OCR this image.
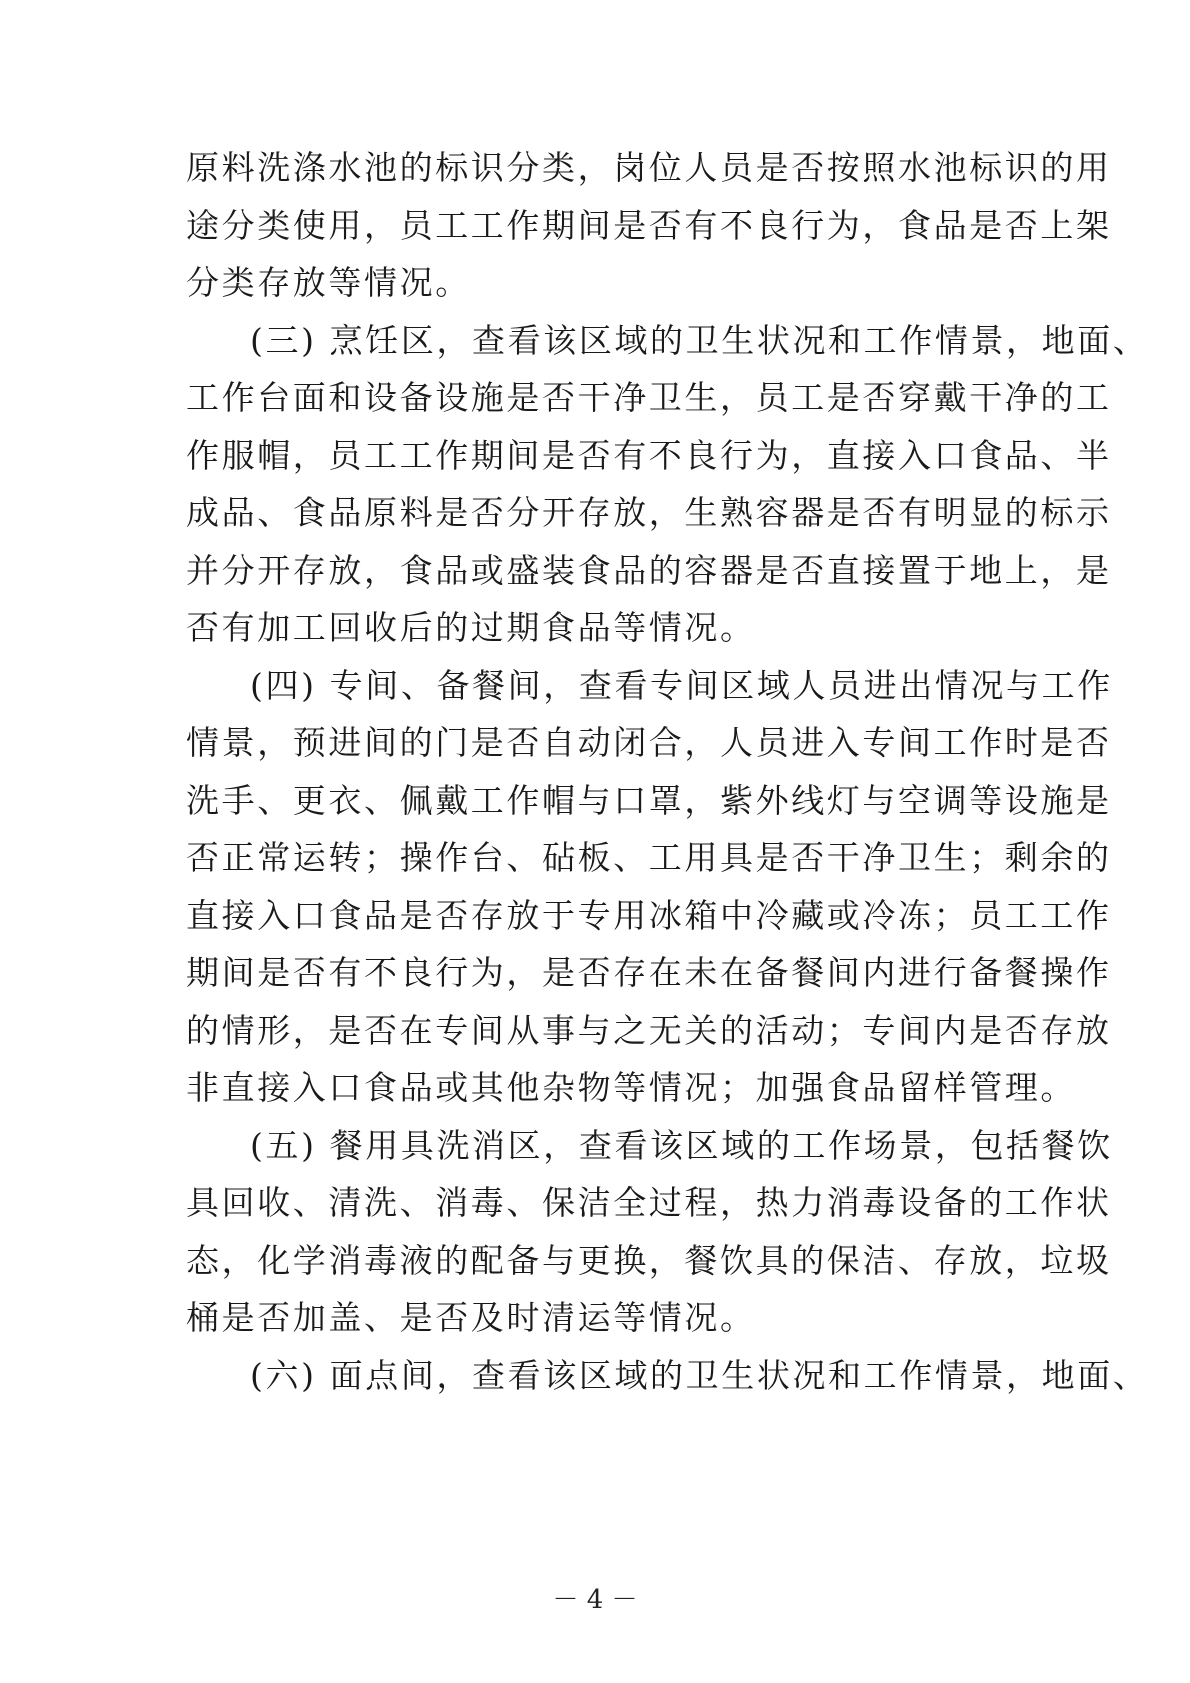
原料洗涤水池的标识分类，岗位人员是否按照水池标识的用
途分类使用，员工工作期间是否有不良行为，食品是否上架
分类存放等情况。
(三) 烹饪区，查看该区域的卫生状况和工作情景，地面、
工作台面和设备设施是否干净卫生，员工是否穿戴干净的工
作服帽，员工工作期间是否有不良行为，直接入口食品、半
成品、食品原料是否分开存放，生熟容器是否有明显的标示
并分开存放，食品或盛装食品的容器是否直接置于地上，是
否有加工回收后的过期食品等情况。
(四) 专间、备餐间，查看专间区域人员进出情况与工作
情景，预进间的门是否自动闭合，人员进入专间工作时是否
洗手、更衣、佩戴工作帽与口罩，紫外线灯与空调等设施是
否正常运转；操作台、砧板、工用具是否干净卫生；剩余的
直接入口食品是否存放于专用冰箱中冷藏或冷冻；员工工作
期间是否有不良行为，是否存在未在备餐间内进行备餐操作
的情形，是否在专间从事与之无关的活动；专间内是否存放
非直接入口食品或其他杂物等情况；加强食品留样管理。
(五) 餐用具洗消区，查看该区域的工作场景，包括餐饮
具回收、清洗、消毒、保洁全过程，热力消毒设备的工作状
态，化学消毒液的配备与更换，餐饮具的保洁、存放，垃圾
桶是否加盖、是否及时清运等情况。
(六) 面点间，查看该区域的卫生状况和工作情景，地面、
－ 4 －
